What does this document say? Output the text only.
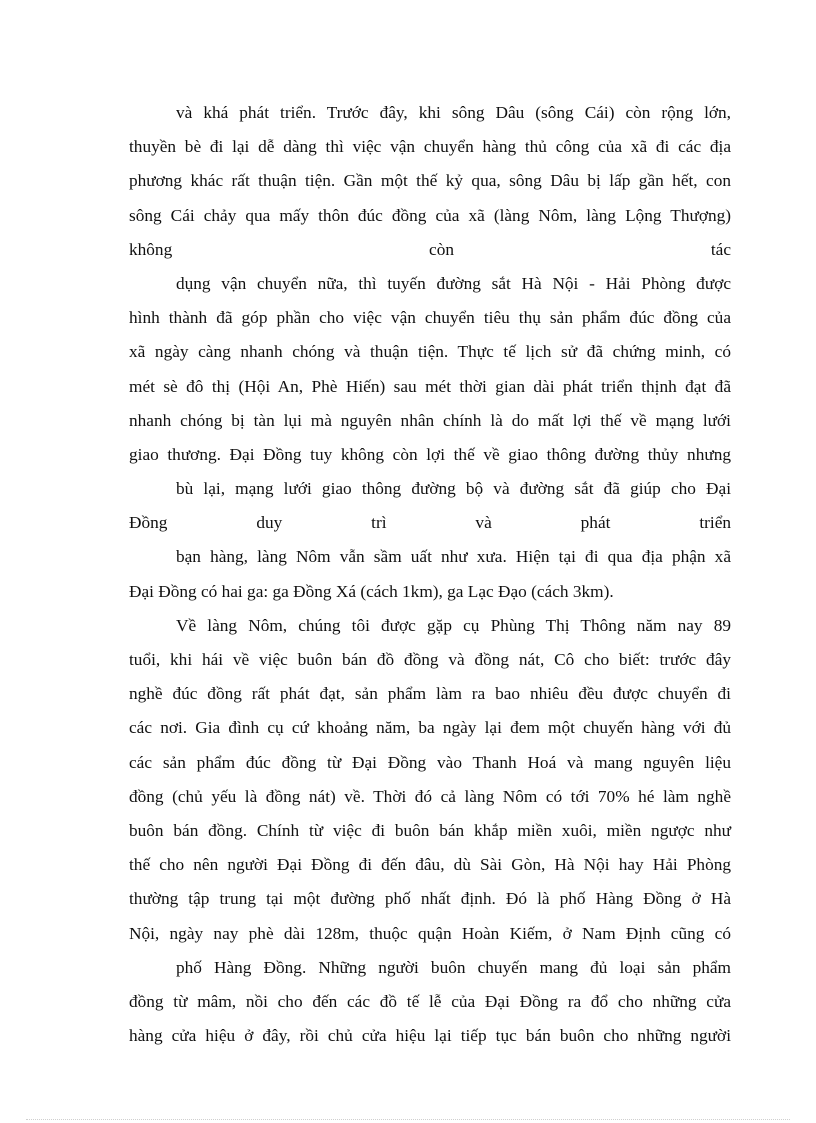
và khá phát triển. Trước đây, khi sông Dâu (sông Cái) còn rộng lớn,
thuyền bè đi lại dễ dàng thì việc vận chuyển hàng thủ công của xã đi các địa
phương khác rất thuận tiện. Gần một thế kỷ qua, sông Dâu bị lấp gần hết, con
sông Cái chảy qua mấy thôn đúc đồng của xã (làng Nôm, làng Lộng Thượng)
không còn tác
dụng vận chuyển nữa, thì tuyến đường sắt Hà Nội - Hải Phòng được
hình thành đã góp phần cho việc vận chuyển tiêu thụ sản phẩm đúc đồng của
xã ngày càng nhanh chóng và thuận tiện. Thực tế lịch sử đã chứng minh, có
mét sè đô thị (Hội An, Phè Hiến) sau mét thời gian dài phát triển thịnh đạt đã
nhanh chóng bị tàn lụi mà nguyên nhân chính là do mất lợi thế về mạng lưới
giao thương. Đại Đồng tuy không còn lợi thế về giao thông đường thủy nhưng
bù lại, mạng lưới giao thông đường bộ và đường sắt đã giúp cho Đại
Đồng duy trì và phát triển
bạn hàng, làng Nôm vẫn sầm uất như xưa. Hiện tại đi qua địa phận xã
Đại Đồng có hai ga: ga Đồng Xá (cách 1km), ga Lạc Đạo (cách 3km).
Về làng Nôm, chúng tôi được gặp cụ Phùng Thị Thông năm nay 89
tuổi, khi hái về việc buôn bán đồ đồng và đồng nát, Cô cho biết: trước đây
nghề đúc đồng rất phát đạt, sản phẩm làm ra bao nhiêu đều được chuyển đi
các nơi. Gia đình cụ cứ khoảng năm, ba ngày lại đem một chuyến hàng với đủ
các sản phẩm đúc đồng từ Đại Đồng vào Thanh Hoá và mang nguyên liệu
đồng (chủ yếu là đồng nát) về. Thời đó cả làng Nôm có tới 70% hé làm nghề
buôn bán đồng. Chính từ việc đi buôn bán khắp miền xuôi, miền ngược như
thế cho nên người Đại Đồng đi đến đâu, dù Sài Gòn, Hà Nội hay Hải Phòng
thường tập trung tại một đường phố nhất định. Đó là phố Hàng Đồng ở Hà
Nội, ngày nay phè dài 128m, thuộc quận Hoàn Kiếm, ở Nam Định cũng có
phố Hàng Đồng. Những người buôn chuyến mang đủ loại sản phẩm
đồng từ mâm, nồi cho đến các đồ tế lễ của Đại Đồng ra đổ cho những cửa
hàng cửa hiệu ở đây, rồi chủ cửa hiệu lại tiếp tục bán buôn cho những người
